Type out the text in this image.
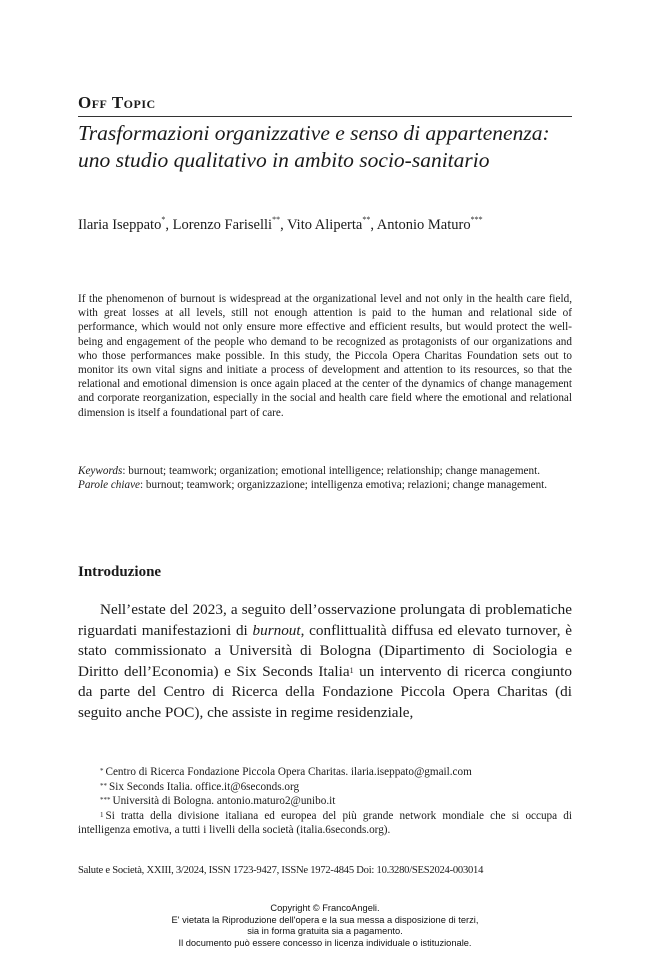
Off Topic
Trasformazioni organizzative e senso di appartenenza: uno studio qualitativo in ambito socio-sanitario
Ilaria Iseppato*, Lorenzo Fariselli**, Vito Aliperta**, Antonio Maturo***

If the phenomenon of burnout is widespread at the organizational level and not only in the health care field, with great losses at all levels, still not enough attention is paid to the human and relational side of performance, which would not only ensure more effective and efficient results, but would protect the well-being and engagement of the people who demand to be recognized as protagonists of our organizations and who those performances make possible. In this study, the Piccola Opera Charitas Foundation sets out to monitor its own vital signs and initiate a process of development and attention to its resources, so that the relational and emotional dimension is once again placed at the center of the dynamics of change management and corporate reorganization, especially in the social and health care field where the emotional and relational dimension is itself a foundational part of care.

Keywords: burnout; teamwork; organization; emotional intelligence; relationship; change management.

Parole chiave: burnout; teamwork; organizzazione; intelligenza emotiva; relazioni; change management.

Introduzione

Nell’estate del 2023, a seguito dell’osservazione prolungata di problematiche riguardati manifestazioni di burnout, conflittualità diffusa ed elevato turnover, è stato commissionato a Università di Bologna (Dipartimento di Sociologia e Diritto dell’Economia) e Six Seconds Italia$^1$ un intervento di ricerca congiunto da parte del Centro di Ricerca della Fondazione Piccola Opera Charitas (di seguito anche POC), che assiste in regime residenziale,

* Centro di Ricerca Fondazione Piccola Opera Charitas. ilaria.iseppato@gmail.com
** Six Seconds Italia. office.it@6seconds.org
*** Università di Bologna. antonio.maturo2@unibo.it
$^1$ Si tratta della divisione italiana ed europea del più grande network mondiale che si occupa di intelligenza emotiva, a tutti i livelli della società (italia.6seconds.org).
Salute e Società, XXIII, 3/2024, ISSN 1723-9427, ISSNe 1972-4845 Doi: 10.3280/SES2024-003014
Copyright © FrancoAngeli.
E' vietata la Riproduzione dell'opera e la sua messa a disposizione di terzi,
sia in forma gratuita sia a pagamento.
Il documento può essere concesso in licenza individuale o istituzionale.
